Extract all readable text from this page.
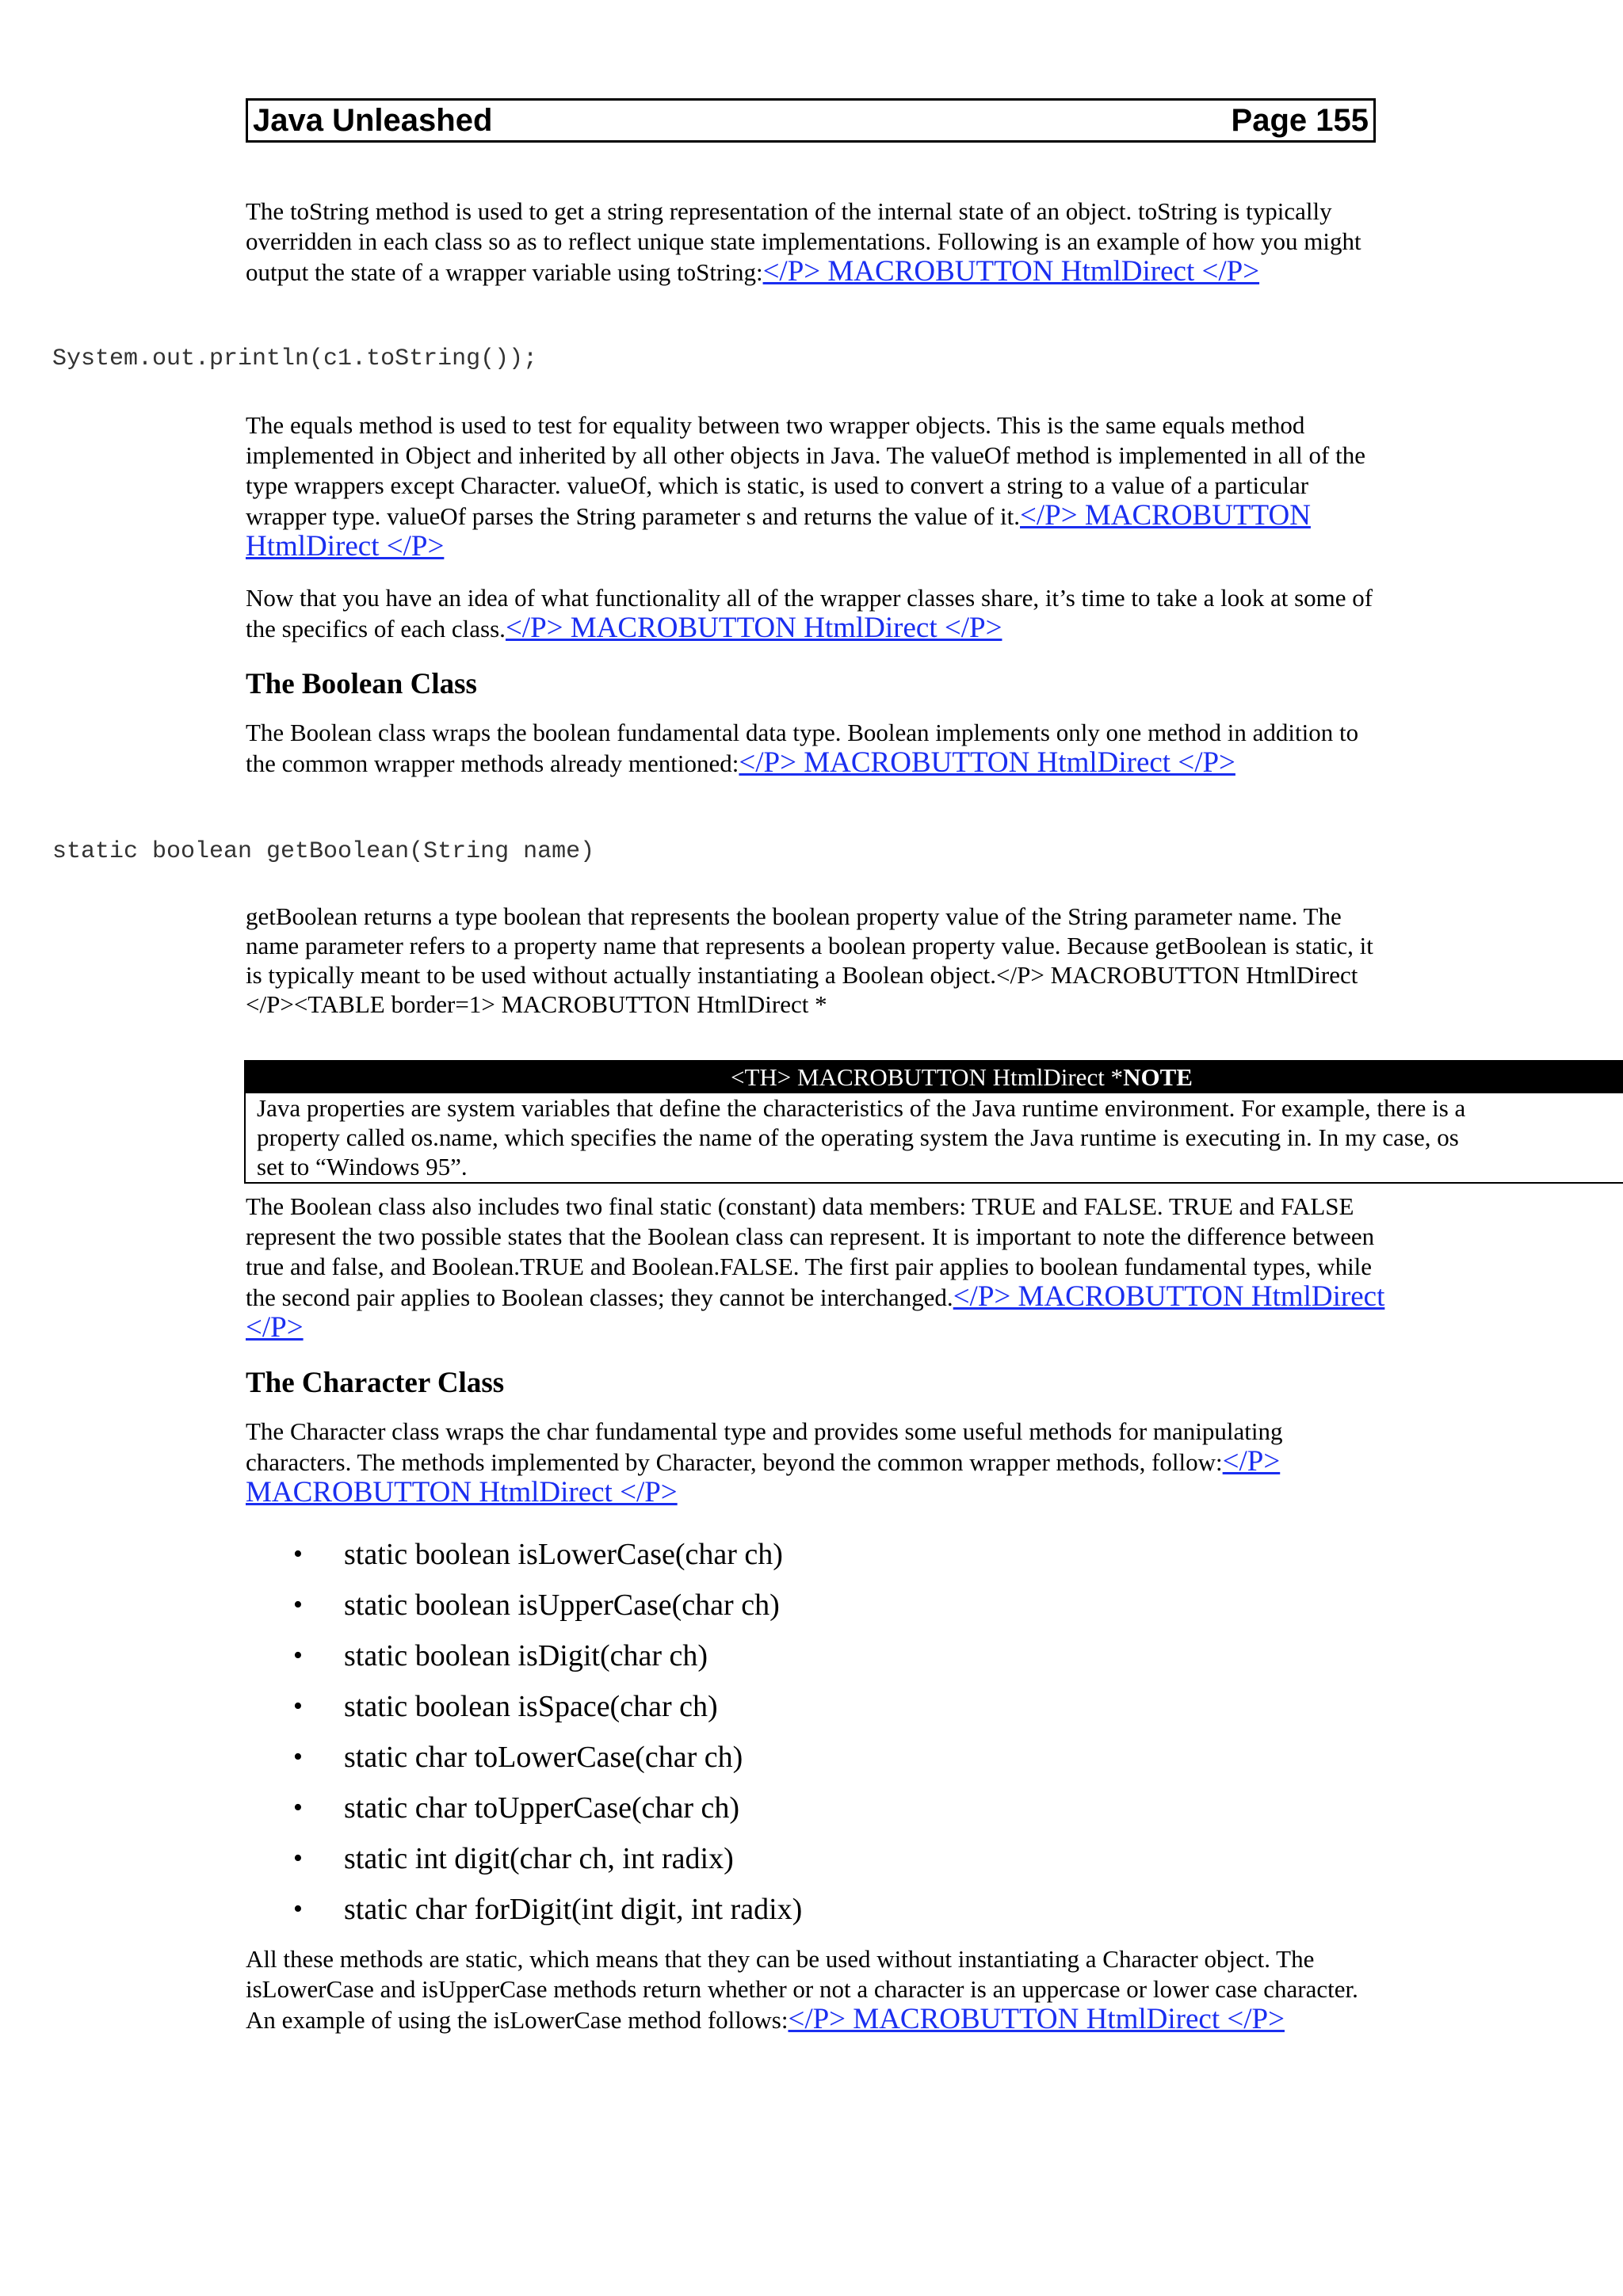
Java Unleashed	Page 155

The toString method is used to get a string representation of the internal state of an object. toString is typically overridden in each class so as to reflect unique state implementations. Following is an example of how you might output the state of a wrapper variable using toString:</P> MACROBUTTON HtmlDirect </P>

System.out.println(c1.toString());

The equals method is used to test for equality between two wrapper objects. This is the same equals method implemented in Object and inherited by all other objects in Java. The valueOf method is implemented in all of the type wrappers except Character. valueOf, which is static, is used to convert a string to a value of a particular wrapper type. valueOf parses the String parameter s and returns the value of it.</P> MACROBUTTON HtmlDirect </P>

Now that you have an idea of what functionality all of the wrapper classes share, it’s time to take a look at some of the specifics of each class.</P> MACROBUTTON HtmlDirect </P>

The Boolean Class

The Boolean class wraps the boolean fundamental data type. Boolean implements only one method in addition to the common wrapper methods already mentioned:</P> MACROBUTTON HtmlDirect </P>

static boolean getBoolean(String name)

getBoolean returns a type boolean that represents the boolean property value of the String parameter name. The name parameter refers to a property name that represents a boolean property value. Because getBoolean is static, it is typically meant to be used without actually instantiating a Boolean object.</P> MACROBUTTON HtmlDirect </P><TABLE border=1> MACROBUTTON HtmlDirect *

<TH> MACROBUTTON HtmlDirect *NOTE
Java properties are system variables that define the characteristics of the Java runtime environment. For example, there is a
property called os.name, which specifies the name of the operating system the Java runtime is executing in. In my case, os
set to “Windows 95”.

The Boolean class also includes two final static (constant) data members: TRUE and FALSE. TRUE and FALSE represent the two possible states that the Boolean class can represent. It is important to note the difference between true and false, and Boolean.TRUE and Boolean.FALSE. The first pair applies to boolean fundamental types, while the second pair applies to Boolean classes; they cannot be interchanged.</P> MACROBUTTON HtmlDirect </P>

The Character Class

The Character class wraps the char fundamental type and provides some useful methods for manipulating characters. The methods implemented by Character, beyond the common wrapper methods, follow:</P> MACROBUTTON HtmlDirect </P>

•	static boolean isLowerCase(char ch)
•	static boolean isUpperCase(char ch)
•	static boolean isDigit(char ch)
•	static boolean isSpace(char ch)
•	static char toLowerCase(char ch)
•	static char toUpperCase(char ch)
•	static int digit(char ch, int radix)
•	static char forDigit(int digit, int radix)

All these methods are static, which means that they can be used without instantiating a Character object. The isLowerCase and isUpperCase methods return whether or not a character is an uppercase or lower case character. An example of using the isLowerCase method follows:</P> MACROBUTTON HtmlDirect </P>
